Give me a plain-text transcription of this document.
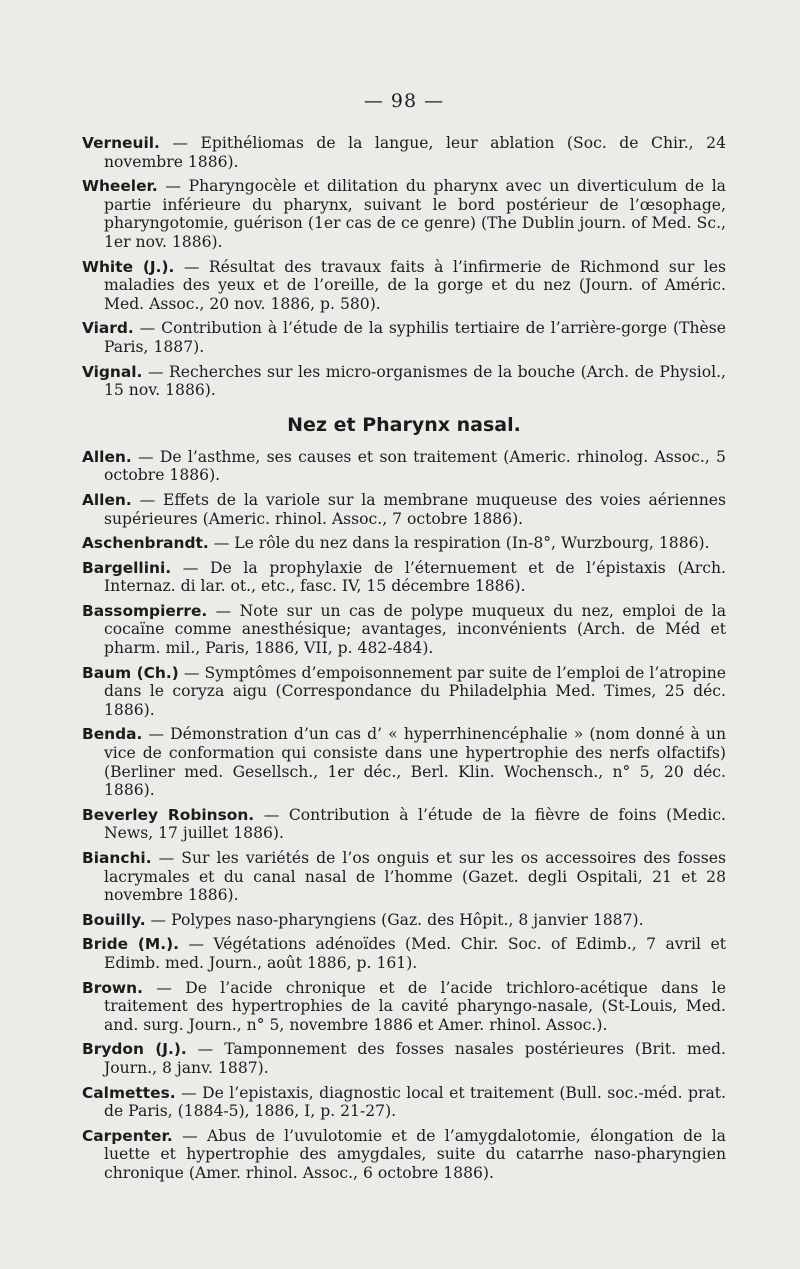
— 98 —

Verneuil. — Epithéliomas de la langue, leur ablation (Soc. de Chir., 24 novembre 1886).

Wheeler. — Pharyngocèle et dilitation du pharynx avec un diverticulum de la partie inférieure du pharynx, suivant le bord postérieur de l’œsophage, pharyngotomie, guérison (1er cas de ce genre) (The Dublin journ. of Med. Sc., 1er nov. 1886).

White (J.). — Résultat des travaux faits à l’infirmerie de Richmond sur les maladies des yeux et de l’oreille, de la gorge et du nez (Journ. of Améric. Med. Assoc., 20 nov. 1886, p. 580).

Viard. — Contribution à l’étude de la syphilis tertiaire de l’arrière-gorge (Thèse Paris, 1887).

Vignal. — Recherches sur les micro-organismes de la bouche (Arch. de Physiol., 15 nov. 1886).

Nez et Pharynx nasal.

Allen. — De l’asthme, ses causes et son traitement (Americ. rhinolog. Assoc., 5 octobre 1886).

Allen. — Effets de la variole sur la membrane muqueuse des voies aériennes supérieures (Americ. rhinol. Assoc., 7 octobre 1886).

Aschenbrandt. — Le rôle du nez dans la respiration (In-8°, Wurzbourg, 1886).

Bargellini. — De la prophylaxie de l’éternuement et de l’épistaxis (Arch. Internaz. di lar. ot., etc., fasc. IV, 15 décembre 1886).

Bassompierre. — Note sur un cas de polype muqueux du nez, emploi de la cocaïne comme anesthésique; avantages, inconvénients (Arch. de Méd et pharm. mil., Paris, 1886, VII, p. 482-484).

Baum (Ch.) — Symptômes d’empoisonnement par suite de l’emploi de l’atropine dans le coryza aigu (Correspondance du Philadelphia Med. Times, 25 déc. 1886).

Benda. — Démonstration d’un cas d’ « hyperrhinencéphalie » (nom donné à un vice de conformation qui consiste dans une hypertrophie des nerfs olfactifs) (Berliner med. Gesellsch., 1er déc., Berl. Klin. Wochensch., n° 5, 20 déc. 1886).

Beverley Robinson. — Contribution à l’étude de la fièvre de foins (Medic. News, 17 juillet 1886).

Bianchi. — Sur les variétés de l’os onguis et sur les os accessoires des fosses lacrymales et du canal nasal de l’homme (Gazet. degli Ospitali, 21 et 28 novembre 1886).

Bouilly. — Polypes naso-pharyngiens (Gaz. des Hôpit., 8 janvier 1887).

Bride (M.). — Végétations adénoïdes (Med. Chir. Soc. of Edimb., 7 avril et Edimb. med. Journ., août 1886, p. 161).

Brown. — De l’acide chronique et de l’acide trichloro-acétique dans le traitement des hypertrophies de la cavité pharyngo-nasale, (St-Louis, Med. and. surg. Journ., n° 5, novembre 1886 et Amer. rhinol. Assoc.).

Brydon (J.). — Tamponnement des fosses nasales postérieures (Brit. med. Journ., 8 janv. 1887).

Calmettes. — De l’epistaxis, diagnostic local et traitement (Bull. soc.-méd. prat. de Paris, (1884-5), 1886, I, p. 21-27).

Carpenter. — Abus de l’uvulotomie et de l’amygdalotomie, élongation de la luette et hypertrophie des amygdales, suite du catarrhe naso-pharyngien chronique (Amer. rhinol. Assoc., 6 octobre 1886).
